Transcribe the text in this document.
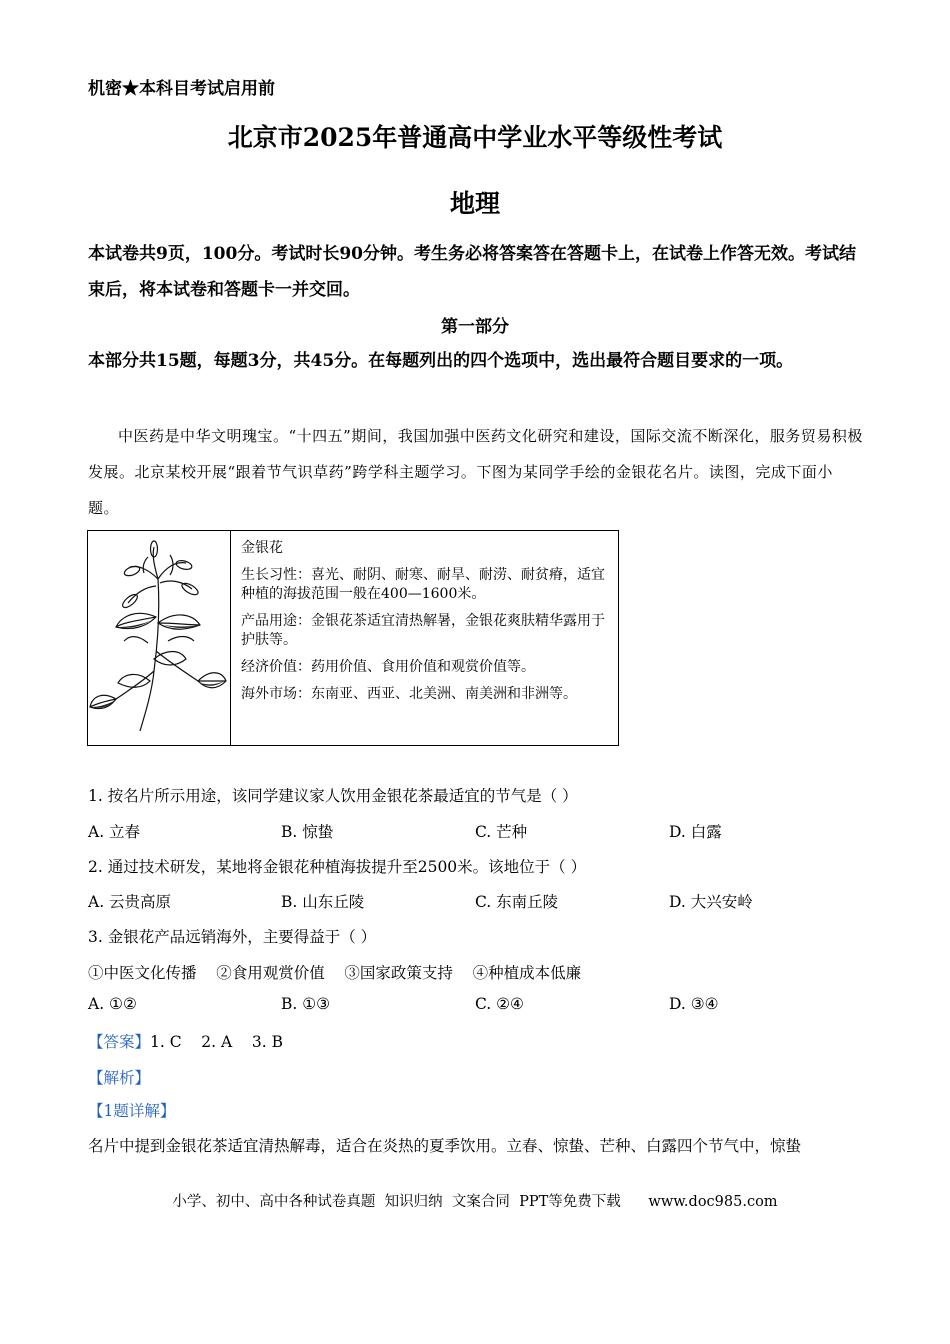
机密★本科目考试启用前
北京市2025年普通高中学业水平等级性考试
地理
本试卷共9页，100分。考试时长90分钟。考生务必将答案答在答题卡上，在试卷上作答无效。考试结束后，将本试卷和答题卡一并交回。
第一部分
本部分共15题，每题3分，共45分。在每题列出的四个选项中，选出最符合题目要求的一项。
中医药是中华文明瑰宝。“十四五”期间，我国加强中医药文化研究和建设，国际交流不断深化，服务贸易积极发展。北京某校开展“跟着节气识草药”跨学科主题学习。下图为某同学手绘的金银花名片。读图，完成下面小题。

金银花

生长习性：喜光、耐阴、耐寒、耐旱、耐涝、耐贫瘠，适宜种植的海拔范围一般在400—1600米。

产品用途：金银花茶适宜清热解暑，金银花爽肤精华露用于护肤等。

经济价值：药用价值、食用价值和观赏价值等。

海外市场：东南亚、西亚、北美洲、南美洲和非洲等。

1. 按名片所示用途，该同学建议家人饮用金银花茶最适宜的节气是（ ）
A. 立春	B. 惊蛰	C. 芒种	D. 白露
2. 通过技术研发，某地将金银花种植海拔提升至2500米。该地位于（ ）
A. 云贵高原	B. 山东丘陵	C. 东南丘陵	D. 大兴安岭
3. 金银花产品远销海外，主要得益于（ ）
①中医文化传播    ②食用观赏价值    ③国家政策支持    ④种植成本低廉
A. ①②	B. ①③	C. ②④	D. ③④
【答案】1. C    2. A    3. B
【解析】
【1题详解】
名片中提到金银花茶适宜清热解毒，适合在炎热的夏季饮用。立春、惊蛰、芒种、白露四个节气中，惊蛰
小学、初中、高中各种试卷真题  知识归纳  文案合同  PPT等免费下载      www.doc985.com
